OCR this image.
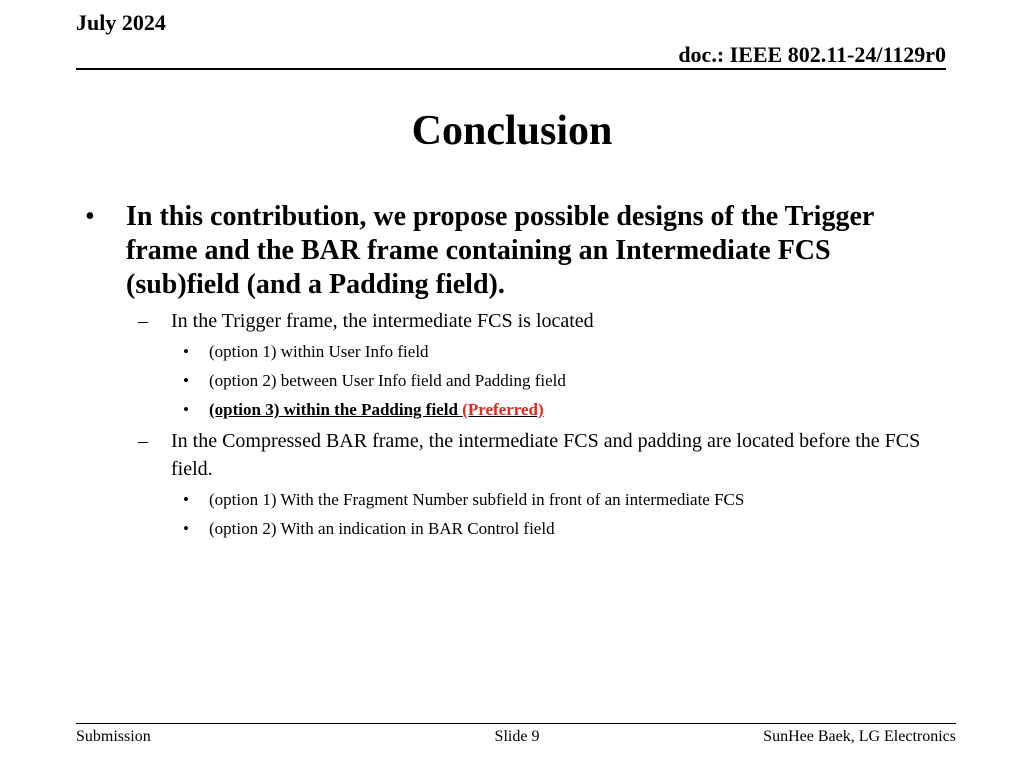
July 2024
doc.: IEEE 802.11-24/1129r0
Conclusion
• In this contribution, we propose possible designs of the Trigger frame and the BAR frame containing an Intermediate FCS (sub)field (and a Padding field).
– In the Trigger frame, the intermediate FCS is located
• (option 1) within User Info field
• (option 2) between User Info field and Padding field
• (option 3) within the Padding field (Preferred)
– In the Compressed BAR frame, the intermediate FCS and padding are located before the FCS field.
• (option 1) With the Fragment Number subfield in front of an intermediate FCS
• (option 2) With an indication in BAR Control field
Submission	Slide 9	SunHee Baek, LG Electronics
